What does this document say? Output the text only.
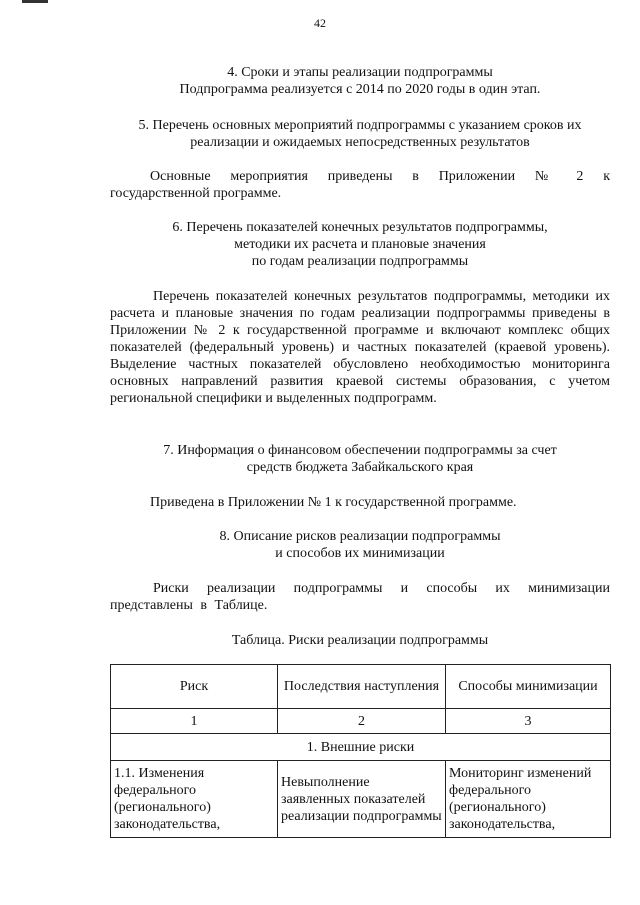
42
4. Сроки и этапы реализации подпрограммы
Подпрограмма реализуется с 2014 по 2020 годы в один этап.
5. Перечень основных мероприятий подпрограммы с указанием сроков их
реализации и ожидаемых непосредственных результатов
Основные мероприятия приведены в Приложении № 2 к
государственной программе.
6. Перечень показателей конечных результатов подпрограммы,
методики их расчета и плановые значения
по годам реализации подпрограммы
Перечень показателей конечных результатов подпрограммы, методики их расчета и плановые значения по годам реализации подпрограммы приведены в Приложении № 2 к государственной программе и включают комплекс общих показателей (федеральный уровень) и частных показателей (краевой уровень). Выделение частных показателей обусловлено необходимостью мониторинга основных направлений развития краевой системы образования, с учетом региональной специфики и выделенных подпрограмм.
7. Информация о финансовом обеспечении подпрограммы за счет
средств бюджета Забайкальского края
Приведена в Приложении № 1 к государственной программе.
8. Описание рисков реализации подпрограммы
и способов их минимизации
Риски реализации подпрограммы и способы их минимизации представлены в Таблице.
Таблица. Риски реализации подпрограммы
Риск	Последствия наступления	Способы минимизации
1	2	3
1. Внешние риски		
1.1. Изменения федерального (регионального) законодательства,	Невыполнение заявленных показателей реализации подпрограммы	Мониторинг изменений федерального (регионального) законодательства,
